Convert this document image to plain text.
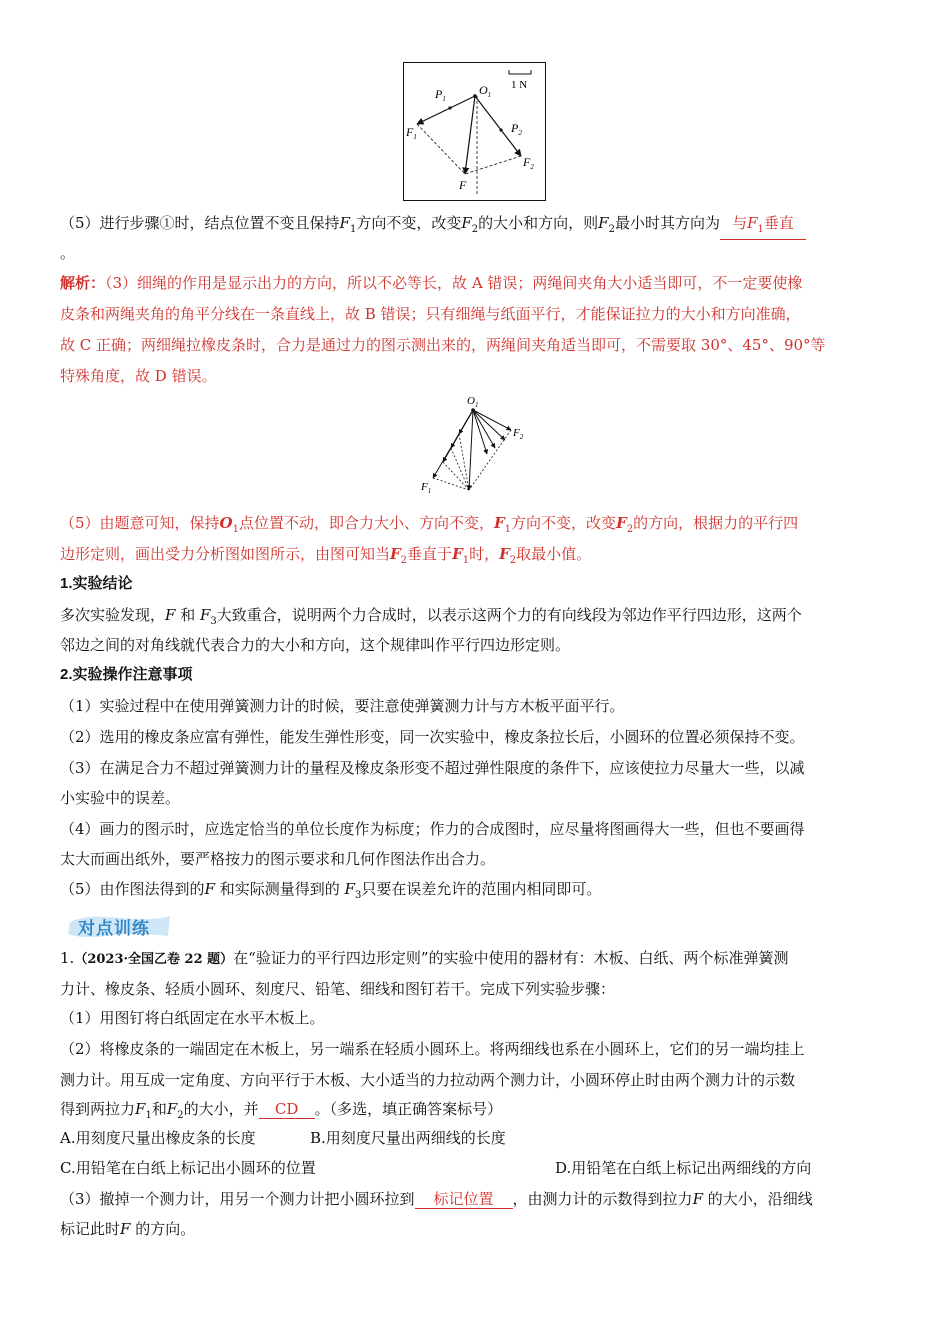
1 N
$O_1$
$P_1$
$P_2$
$F_1$
$F_2$
F
（5）进行步骤①时，结点位置不变且保持$F_1$方向不变，改变$F_2$的大小和方向，则$F_2$最小时其方向为 与$F_1$垂直
。
解析：（3）细绳的作用是显示出力的方向，所以不必等长，故 A 错误；两绳间夹角大小适当即可，不一定要使橡
皮条和两绳夹角的角平分线在一条直线上，故 B 错误；只有细绳与纸面平行，才能保证拉力的大小和方向准确，
故 C 正确；两细绳拉橡皮条时，合力是通过力的图示测出来的，两绳间夹角适当即可，不需要取 30°、45°、90°等
特殊角度，故 D 错误。
$O_1$
$F_2$
$F_1$
（5）由题意可知，保持$O_1$点位置不动，即合力大小、方向不变，$F_1$方向不变，改变$F_2$的方向，根据力的平行四
边形定则，画出受力分析图如图所示，由图可知当$F_2$垂直于$F_1$时，$F_2$取最小值。
1.实验结论
多次实验发现，F 和 $F_3$大致重合，说明两个力合成时，以表示这两个力的有向线段为邻边作平行四边形，这两个
邻边之间的对角线就代表合力的大小和方向，这个规律叫作平行四边形定则。
2.实验操作注意事项
（1）实验过程中在使用弹簧测力计的时候，要注意使弹簧测力计与方木板平面平行。
（2）选用的橡皮条应富有弹性，能发生弹性形变，同一次实验中，橡皮条拉长后，小圆环的位置必须保持不变。
（3）在满足合力不超过弹簧测力计的量程及橡皮条形变不超过弹性限度的条件下，应该使拉力尽量大一些，以减
小实验中的误差。
（4）画力的图示时，应选定恰当的单位长度作为标度；作力的合成图时，应尽量将图画得大一些，但也不要画得
太大而画出纸外，要严格按力的图示要求和几何作图法作出合力。
（5）由作图法得到的F 和实际测量得到的 $F_3$只要在误差允许的范围内相同即可。
对点训练
1.（2023·全国乙卷 22 题）在“验证力的平行四边形定则”的实验中使用的器材有：木板、白纸、两个标准弹簧测
力计、橡皮条、轻质小圆环、刻度尺、铅笔、细线和图钉若干。完成下列实验步骤：
（1）用图钉将白纸固定在水平木板上。
（2）将橡皮条的一端固定在木板上，另一端系在轻质小圆环上。将两细线也系在小圆环上，它们的另一端均挂上
测力计。用互成一定角度、方向平行于木板、大小适当的力拉动两个测力计，小圆环停止时由两个测力计的示数
得到两拉力$F_1$和$F_2$的大小，并 CD 。（多选，填正确答案标号）
A.用刻度尺量出橡皮条的长度	B.用刻度尺量出两细线的长度
C.用铅笔在白纸上标记出小圆环的位置	D.用铅笔在白纸上标记出两细线的方向
（3）撤掉一个测力计，用另一个测力计把小圆环拉到 标记位置 ，由测力计的示数得到拉力F 的大小，沿细线
标记此时F 的方向。
